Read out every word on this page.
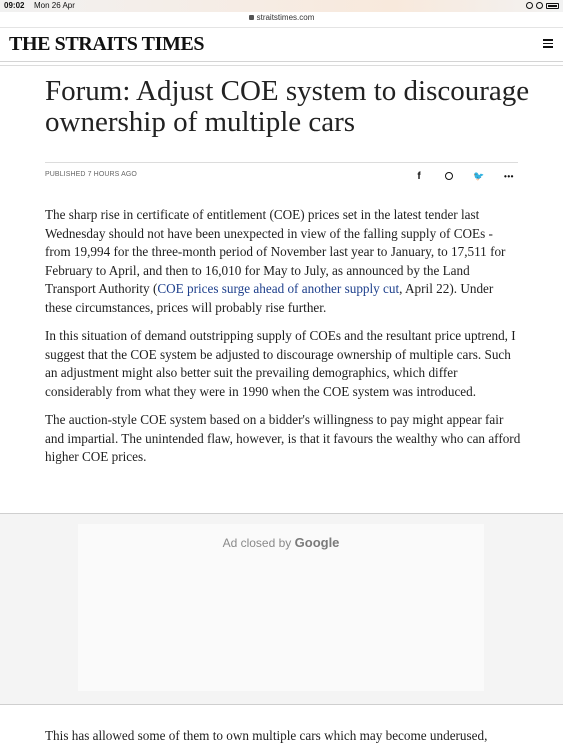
09:02 Mon 26 Apr
straitstimes.com
THE STRAITS TIMES
Forum: Adjust COE system to discourage ownership of multiple cars
PUBLISHED 7 HOURS AGO	f	🐦	•••

The sharp rise in certificate of entitlement (COE) prices set in the latest tender last Wednesday should not have been unexpected in view of the falling supply of COEs - from 19,994 for the three-month period of November last year to January, to 17,511 for February to April, and then to 16,010 for May to July, as announced by the Land Transport Authority (COE prices surge ahead of another supply cut, April 22). Under these circumstances, prices will probably rise further.

In this situation of demand outstripping supply of COEs and the resultant price uptrend, I suggest that the COE system be adjusted to discourage ownership of multiple cars. Such an adjustment might also better suit the prevailing demographics, which differ considerably from what they were in 1990 when the COE system was introduced.

The auction-style COE system based on a bidder's willingness to pay might appear fair and impartial. The unintended flaw, however, is that it favours the wealthy who can afford higher COE prices.

Ad closed by Google

This has allowed some of them to own multiple cars which may become underused,
